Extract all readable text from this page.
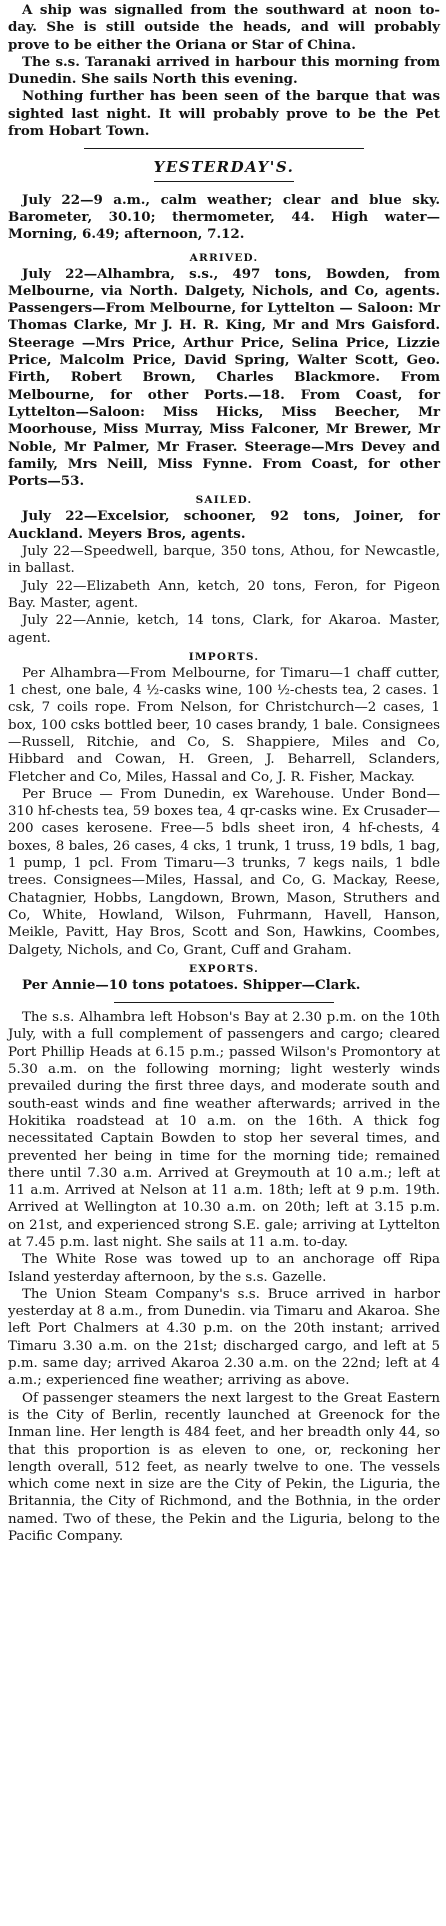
A ship was signalled from the southward at noon to-day. She is still outside the heads, and will probably prove to be either the Oriana or Star of China.

The s.s. Taranaki arrived in harbour this morning from Dunedin. She sails North this evening.

Nothing further has been seen of the barque that was sighted last night. It will probably prove to be the Pet from Hobart Town.

YESTERDAY'S.

July 22—9 a.m., calm weather; clear and blue sky. Barometer, 30.10; thermometer, 44. High water—Morning, 6.49; afternoon, 7.12.

ARRIVED.

July 22—Alhambra, s.s., 497 tons, Bowden, from Melbourne, via North. Dalgety, Nichols, and Co, agents. Passengers—From Melbourne, for Lyttelton — Saloon: Mr Thomas Clarke, Mr J. H. R. King, Mr and Mrs Gaisford. Steerage —Mrs Price, Arthur Price, Selina Price, Lizzie Price, Malcolm Price, David Spring, Walter Scott, Geo. Firth, Robert Brown, Charles Blackmore. From Melbourne, for other Ports.—18. From Coast, for Lyttelton—Saloon: Miss Hicks, Miss Beecher, Mr Moorhouse, Miss Murray, Miss Falconer, Mr Brewer, Mr Noble, Mr Palmer, Mr Fraser. Steerage—Mrs Devey and family, Mrs Neill, Miss Fynne. From Coast, for other Ports—53.

SAILED.

July 22—Excelsior, schooner, 92 tons, Joiner, for Auckland. Meyers Bros, agents.

July 22—Speedwell, barque, 350 tons, Athou, for Newcastle, in ballast.

July 22—Elizabeth Ann, ketch, 20 tons, Feron, for Pigeon Bay. Master, agent.

July 22—Annie, ketch, 14 tons, Clark, for Akaroa. Master, agent.

IMPORTS.

Per Alhambra—From Melbourne, for Timaru—1 chaff cutter, 1 chest, one bale, 4 ½-casks wine, 100 ½-chests tea, 2 cases. 1 csk, 7 coils rope. From Nelson, for Christchurch—2 cases, 1 box, 100 csks bottled beer, 10 cases brandy, 1 bale. Consignees—Russell, Ritchie, and Co, S. Shappiere, Miles and Co, Hibbard and Cowan, H. Green, J. Beharrell, Sclanders, Fletcher and Co, Miles, Hassal and Co, J. R. Fisher, Mackay.

Per Bruce — From Dunedin, ex Warehouse. Under Bond—310 hf-chests tea, 59 boxes tea, 4 qr-casks wine. Ex Crusader—200 cases kerosene. Free—5 bdls sheet iron, 4 hf-chests, 4 boxes, 8 bales, 26 cases, 4 cks, 1 trunk, 1 truss, 19 bdls, 1 bag, 1 pump, 1 pcl. From Timaru—3 trunks, 7 kegs nails, 1 bdle trees. Consignees—Miles, Hassal, and Co, G. Mackay, Reese, Chatagnier, Hobbs, Langdown, Brown, Mason, Struthers and Co, White, Howland, Wilson, Fuhrmann, Havell, Hanson, Meikle, Pavitt, Hay Bros, Scott and Son, Hawkins, Coombes, Dalgety, Nichols, and Co, Grant, Cuff and Graham.

EXPORTS.

Per Annie—10 tons potatoes. Shipper—Clark.

The s.s. Alhambra left Hobson's Bay at 2.30 p.m. on the 10th July, with a full complement of passengers and cargo; cleared Port Phillip Heads at 6.15 p.m.; passed Wilson's Promontory at 5.30 a.m. on the following morning; light westerly winds prevailed during the first three days, and moderate south and south-east winds and fine weather afterwards; arrived in the Hokitika roadstead at 10 a.m. on the 16th. A thick fog necessitated Captain Bowden to stop her several times, and prevented her being in time for the morning tide; remained there until 7.30 a.m. Arrived at Greymouth at 10 a.m.; left at 11 a.m. Arrived at Nelson at 11 a.m. 18th; left at 9 p.m. 19th. Arrived at Wellington at 10.30 a.m. on 20th; left at 3.15 p.m. on 21st, and experienced strong S.E. gale; arriving at Lyttelton at 7.45 p.m. last night. She sails at 11 a.m. to-day.

The White Rose was towed up to an anchorage off Ripa Island yesterday afternoon, by the s.s. Gazelle.

The Union Steam Company's s.s. Bruce arrived in harbor yesterday at 8 a.m., from Dunedin. via Timaru and Akaroa. She left Port Chalmers at 4.30 p.m. on the 20th instant; arrived Timaru 3.30 a.m. on the 21st; discharged cargo, and left at 5 p.m. same day; arrived Akaroa 2.30 a.m. on the 22nd; left at 4 a.m.; experienced fine weather; arriving as above.

Of passenger steamers the next largest to the Great Eastern is the City of Berlin, recently launched at Greenock for the Inman line. Her length is 484 feet, and her breadth only 44, so that this proportion is as eleven to one, or, reckoning her length overall, 512 feet, as nearly twelve to one. The vessels which come next in size are the City of Pekin, the Liguria, the Britannia, the City of Richmond, and the Bothnia, in the order named. Two of these, the Pekin and the Liguria, belong to the Pacific Company.
